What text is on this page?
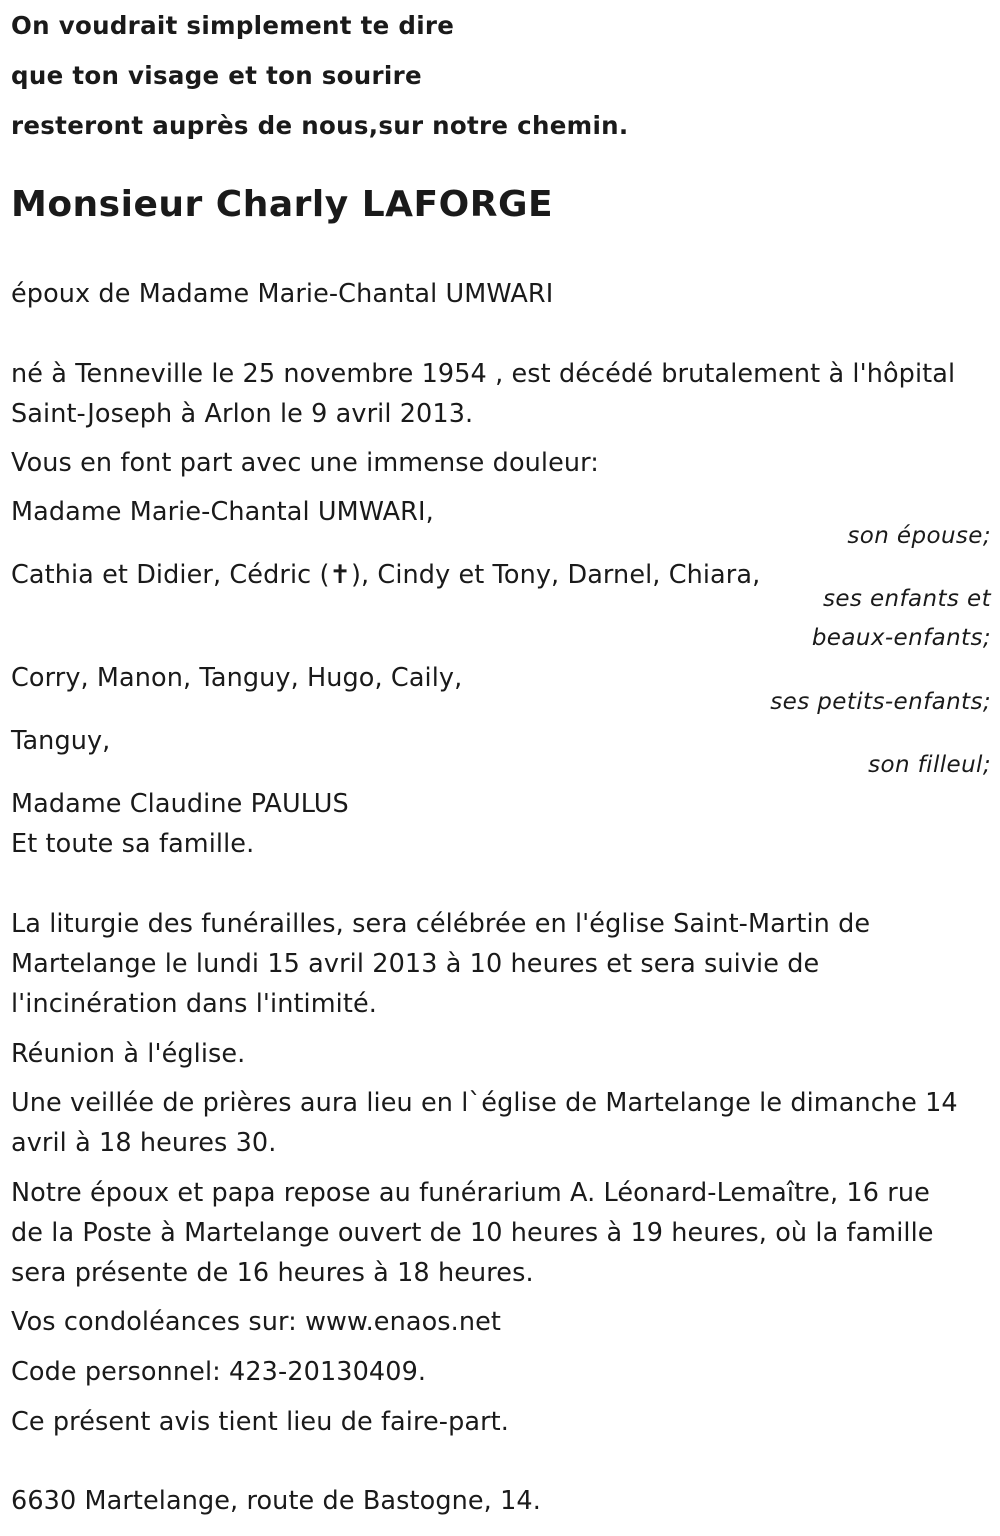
On voudrait simplement te dire
que ton visage et ton sourire
resteront auprès de nous,sur notre chemin.
Monsieur Charly LAFORGE
époux de Madame Marie-Chantal UMWARI
né à Tenneville le 25 novembre 1954 , est décédé brutalement à l'hôpital
Saint-Joseph à Arlon le 9 avril 2013.
Vous en font part avec une immense douleur:
Madame Marie-Chantal UMWARI,
son épouse;
Cathia et Didier, Cédric (✝), Cindy et Tony, Darnel, Chiara,
ses enfants et
beaux-enfants;
Corry, Manon, Tanguy, Hugo, Caily,
ses petits-enfants;
Tanguy,
son filleul;
Madame Claudine PAULUS
Et toute sa famille.
La liturgie des funérailles, sera célébrée en l'église Saint-Martin de
Martelange le lundi 15 avril 2013 à 10 heures et sera suivie de
l'incinération dans l'intimité.
Réunion à l'église.
Une veillée de prières aura lieu en l`église de Martelange le dimanche 14
avril à 18 heures 30.
Notre époux et papa repose au funérarium A. Léonard-Lemaître, 16 rue
de la Poste à Martelange ouvert de 10 heures à 19 heures, où la famille
sera présente de 16 heures à 18 heures.
Vos condoléances sur: www.enaos.net
Code personnel: 423-20130409.
Ce présent avis tient lieu de faire-part.
6630 Martelange, route de Bastogne, 14.
